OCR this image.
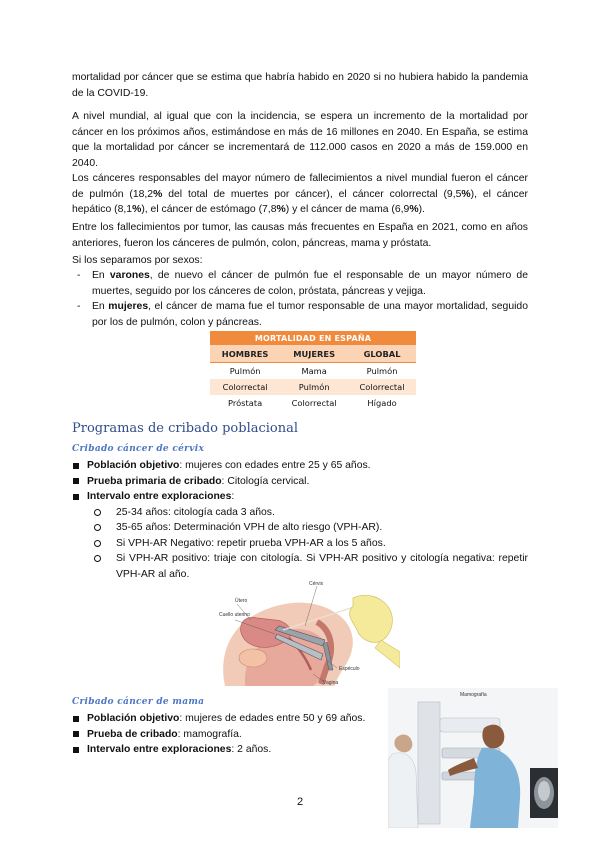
mortalidad por cáncer que se estima que habría habido en 2020 si no hubiera habido la pandemia de la COVID-19.

A nivel mundial, al igual que con la incidencia, se espera un incremento de la mortalidad por cáncer en los próximos años, estimándose en más de 16 millones en 2040. En España, se estima que la mortalidad por cáncer se incrementará de 112.000 casos en 2020 a más de 159.000 en 2040.

Los cánceres responsables del mayor número de fallecimientos a nivel mundial fueron el cáncer de pulmón (18,2% del total de muertes por cáncer), el cáncer colorrectal (9,5%), el cáncer hepático (8,1%), el cáncer de estómago (7,8%) y el cáncer de mama (6,9%).

Entre los fallecimientos por tumor, las causas más frecuentes en España en 2021, como en años anteriores, fueron los cánceres de pulmón, colon, páncreas, mama y próstata.

Si los separamos por sexos:

- En varones, de nuevo el cáncer de pulmón fue el responsable de un mayor número de muertes, seguido por los cánceres de colon, próstata, páncreas y vejiga.
- En mujeres, el cáncer de mama fue el tumor responsable de una mayor mortalidad, seguido por los de pulmón, colon y páncreas.
MORTALIDAD EN ESPAÑA		
HOMBRES	MUJERES	GLOBAL
Pulmón	Mama	Pulmón
Colorrectal	Pulmón	Colorrectal
Próstata	Colorrectal	Hígado
Programas de cribado poblacional
Cribado cáncer de cérvix
Población objetivo: mujeres con edades entre 25 y 65 años.
Prueba primaria de cribado: Citología cervical.
Intervalo entre exploraciones:
25-34 años: citología cada 3 años.
35-65 años: Determinación VPH de alto riesgo (VPH-AR).
Si VPH-AR Negativo: repetir prueba VPH-AR a los 5 años.
Si VPH-AR positivo: triaje con citología. Si VPH-AR positivo y citología negativa: repetir VPH-AR al año.
Cérvix
Útero
Cuello uterino
Espéculo
Vagina
Cribado cáncer de mama
Población objetivo: mujeres de edades entre 50 y 69 años.
Prueba de cribado: mamografía.
Intervalo entre exploraciones: 2 años.
Mamografía
2
